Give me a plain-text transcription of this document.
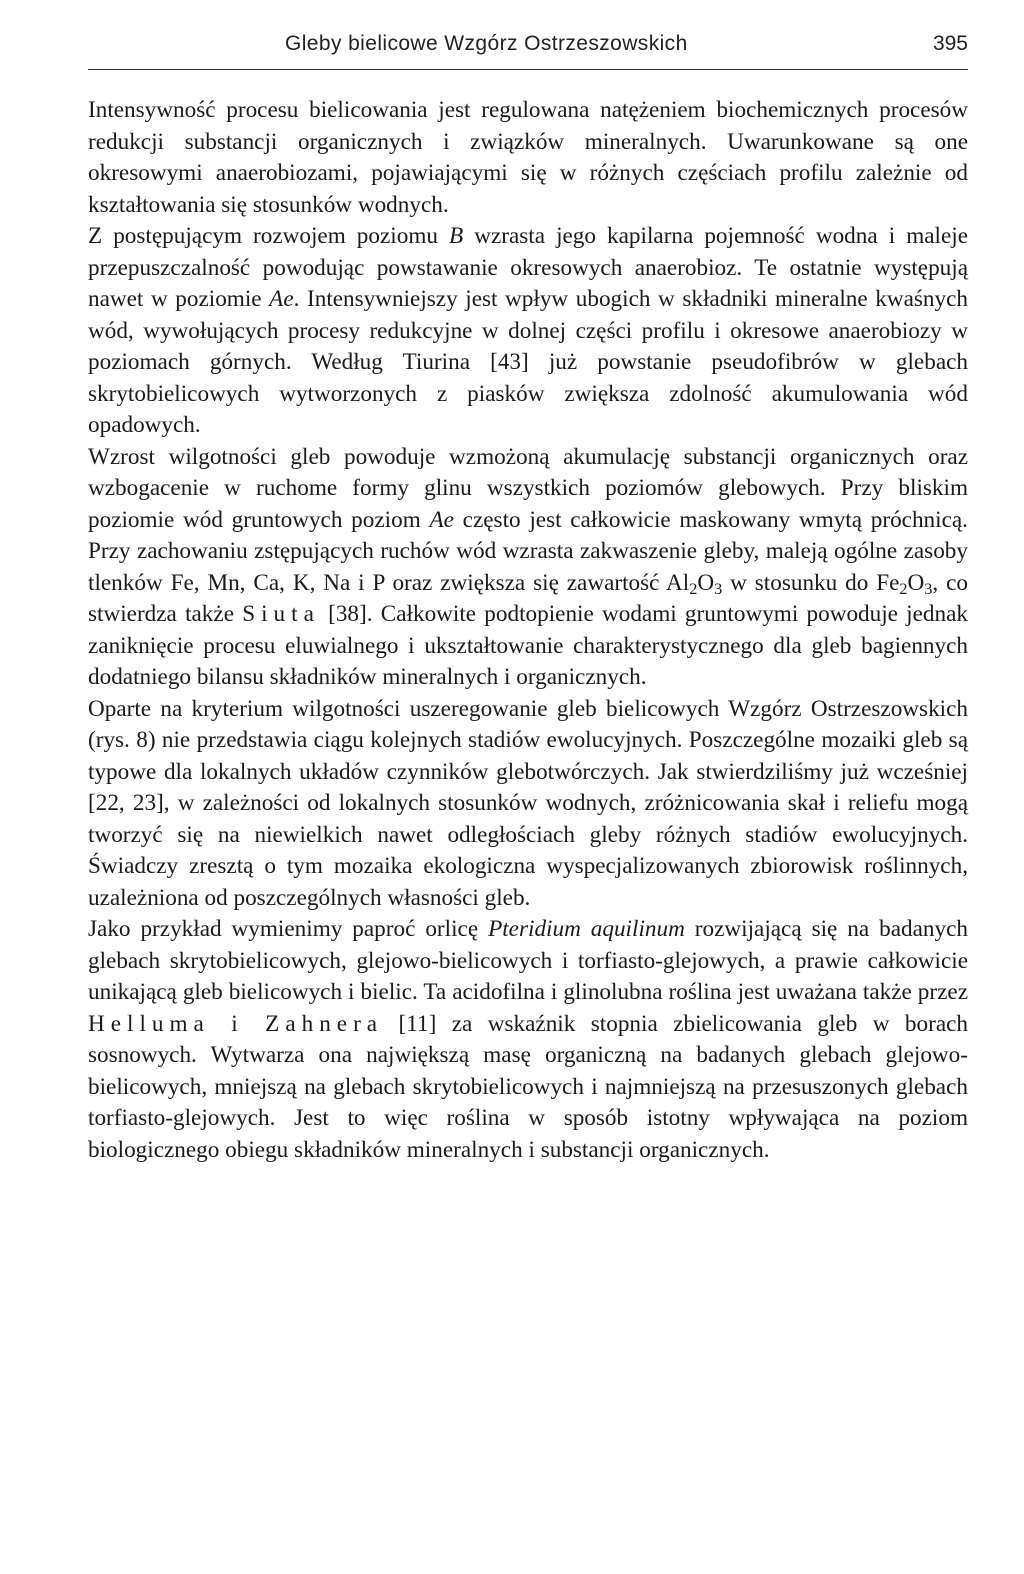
Gleby bielicowe Wzgórz Ostrzeszowskich	395

Intensywność procesu bielicowania jest regulowana natężeniem biochemicznych procesów redukcji substancji organicznych i związków mineralnych. Uwarunkowane są one okresowymi anaerobiozami, pojawiającymi się w różnych częściach profilu zależnie od kształtowania się stosunków wodnych.

Z postępującym rozwojem poziomu B wzrasta jego kapilarna pojemność wodna i maleje przepuszczalność powodując powstawanie okresowych anaerobioz. Te ostatnie występują nawet w poziomie Ae. Intensywniejszy jest wpływ ubogich w składniki mineralne kwaśnych wód, wywołujących procesy redukcyjne w dolnej części profilu i okresowe anaerobiozy w poziomach górnych. Według Tiurina [43] już powstanie pseudofibrów w glebach skrytobielicowych wytworzonych z piasków zwiększa zdolność akumulowania wód opadowych.

Wzrost wilgotności gleb powoduje wzmożoną akumulację substancji organicznych oraz wzbogacenie w ruchome formy glinu wszystkich poziomów glebowych. Przy bliskim poziomie wód gruntowych poziom Ae często jest całkowicie maskowany wmytą próchnicą. Przy zachowaniu zstępujących ruchów wód wzrasta zakwaszenie gleby, maleją ogólne zasoby tlenków Fe, Mn, Ca, K, Na i P oraz zwiększa się zawartość $Al_2O_3$ w stosunku do $Fe_2O_3$, co stwierdza także Siuta [38]. Całkowite podtopienie wodami gruntowymi powoduje jednak zaniknięcie procesu eluwialnego i ukształtowanie charakterystycznego dla gleb bagiennych dodatniego bilansu składników mineralnych i organicznych.

Oparte na kryterium wilgotności uszeregowanie gleb bielicowych Wzgórz Ostrzeszowskich (rys. 8) nie przedstawia ciągu kolejnych stadiów ewolucyjnych. Poszczególne mozaiki gleb są typowe dla lokalnych układów czynników glebotwórczych. Jak stwierdziliśmy już wcześniej [22, 23], w zależności od lokalnych stosunków wodnych, zróżnicowania skał i reliefu mogą tworzyć się na niewielkich nawet odległościach gleby różnych stadiów ewolucyjnych. Świadczy zresztą o tym mozaika ekologiczna wyspecjalizowanych zbiorowisk roślinnych, uzależniona od poszczególnych własności gleb.

Jako przykład wymienimy paproć orlicę Pteridium aquilinum rozwijającą się na badanych glebach skrytobielicowych, glejowo-bielicowych i torfiasto-glejowych, a prawie całkowicie unikającą gleb bielicowych i bielic. Ta acidofilna i glinolubna roślina jest uważana także przez Helluma i Zahnera [11] za wskaźnik stopnia zbielicowania gleb w borach sosnowych. Wytwarza ona największą masę organiczną na badanych glebach glejowo-bielicowych, mniejszą na glebach skrytobielicowych i najmniejszą na przesuszonych glebach torfiasto-glejowych. Jest to więc roślina w sposób istotny wpływająca na poziom biologicznego obiegu składników mineralnych i substancji organicznych.
